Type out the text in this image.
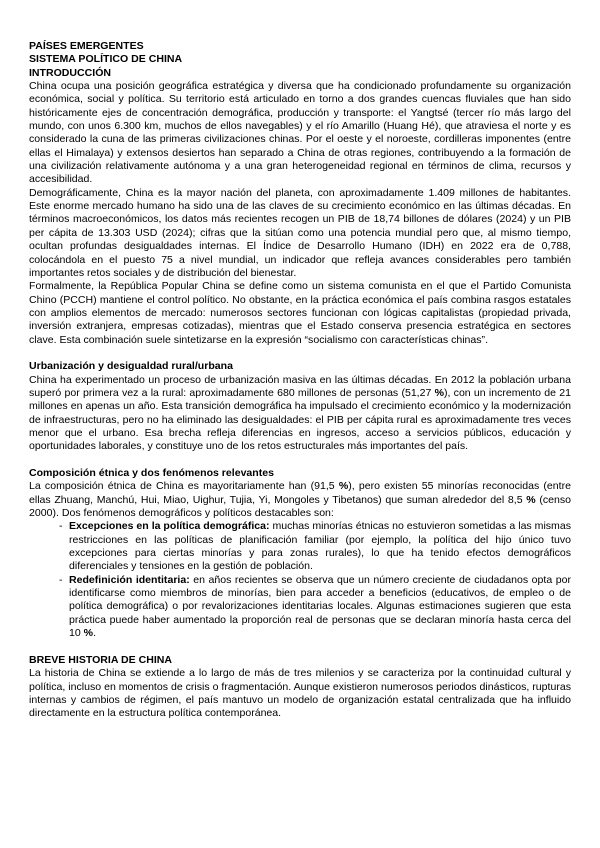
PAÍSES EMERGENTES

SISTEMA POLÍTICO DE CHINA

INTRODUCCIÓN

China ocupa una posición geográfica estratégica y diversa que ha condicionado profundamente su organización económica, social y política. Su territorio está articulado en torno a dos grandes cuencas fluviales que han sido históricamente ejes de concentración demográfica, producción y transporte: el Yangtsé (tercer río más largo del mundo, con unos 6.300 km, muchos de ellos navegables) y el río Amarillo (Huang Hé), que atraviesa el norte y es considerado la cuna de las primeras civilizaciones chinas. Por el oeste y el noroeste, cordilleras imponentes (entre ellas el Himalaya) y extensos desiertos han separado a China de otras regiones, contribuyendo a la formación de una civilización relativamente autónoma y a una gran heterogeneidad regional en términos de clima, recursos y accesibilidad.

Demográficamente, China es la mayor nación del planeta, con aproximadamente 1.409 millones de habitantes. Este enorme mercado humano ha sido una de las claves de su crecimiento económico en las últimas décadas. En términos macroeconómicos, los datos más recientes recogen un PIB de 18,74 billones de dólares (2024) y un PIB per cápita de 13.303 USD (2024); cifras que la sitúan como una potencia mundial pero que, al mismo tiempo, ocultan profundas desigualdades internas. El Índice de Desarrollo Humano (IDH) en 2022 era de 0,788, colocándola en el puesto 75 a nivel mundial, un indicador que refleja avances considerables pero también importantes retos sociales y de distribución del bienestar.

Formalmente, la República Popular China se define como un sistema comunista en el que el Partido Comunista Chino (PCCH) mantiene el control político. No obstante, en la práctica económica el país combina rasgos estatales con amplios elementos de mercado: numerosos sectores funcionan con lógicas capitalistas (propiedad privada, inversión extranjera, empresas cotizadas), mientras que el Estado conserva presencia estratégica en sectores clave. Esta combinación suele sintetizarse en la expresión “socialismo con características chinas”.

Urbanización y desigualdad rural/urbana

China ha experimentado un proceso de urbanización masiva en las últimas décadas. En 2012 la población urbana superó por primera vez a la rural: aproximadamente 680 millones de personas (51,27 %), con un incremento de 21 millones en apenas un año. Esta transición demográfica ha impulsado el crecimiento económico y la modernización de infraestructuras, pero no ha eliminado las desigualdades: el PIB per cápita rural es aproximadamente tres veces menor que el urbano. Esa brecha refleja diferencias en ingresos, acceso a servicios públicos, educación y oportunidades laborales, y constituye uno de los retos estructurales más importantes del país.

Composición étnica y dos fenómenos relevantes

La composición étnica de China es mayoritariamente han (91,5 %), pero existen 55 minorías reconocidas (entre ellas Zhuang, Manchú, Hui, Miao, Uighur, Tujia, Yi, Mongoles y Tibetanos) que suman alrededor del 8,5 % (censo 2000). Dos fenómenos demográficos y políticos destacables son:

- Excepciones en la política demográfica: muchas minorías étnicas no estuvieron sometidas a las mismas restricciones en las políticas de planificación familiar (por ejemplo, la política del hijo único tuvo excepciones para ciertas minorías y para zonas rurales), lo que ha tenido efectos demográficos diferenciales y tensiones en la gestión de población.
- Redefinición identitaria: en años recientes se observa que un número creciente de ciudadanos opta por identificarse como miembros de minorías, bien para acceder a beneficios (educativos, de empleo o de política demográfica) o por revalorizaciones identitarias locales. Algunas estimaciones sugieren que esta práctica puede haber aumentado la proporción real de personas que se declaran minoría hasta cerca del 10 %.

BREVE HISTORIA DE CHINA

La historia de China se extiende a lo largo de más de tres milenios y se caracteriza por la continuidad cultural y política, incluso en momentos de crisis o fragmentación. Aunque existieron numerosos periodos dinásticos, rupturas internas y cambios de régimen, el país mantuvo un modelo de organización estatal centralizada que ha influido directamente en la estructura política contemporánea.
